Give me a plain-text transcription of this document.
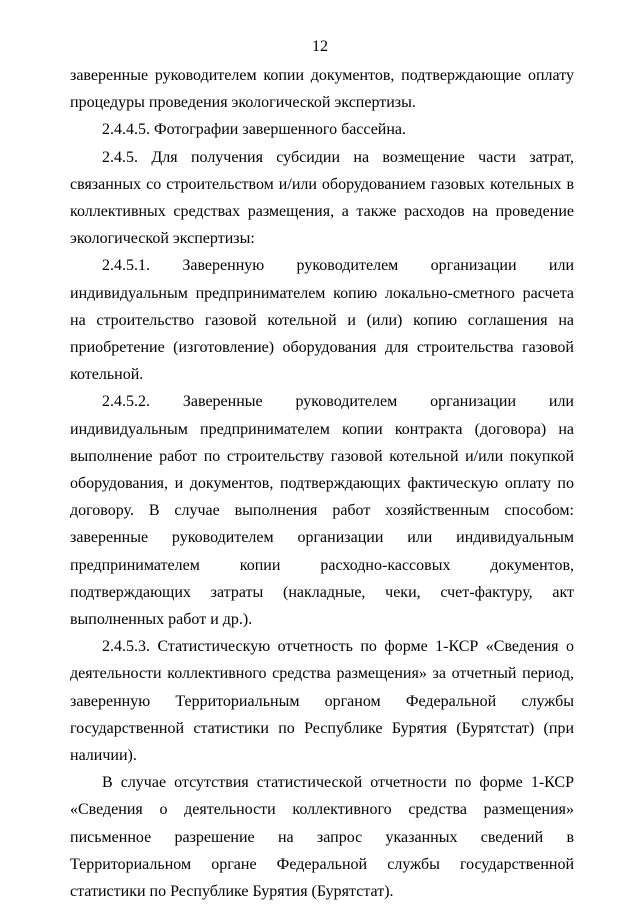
12

заверенные руководителем копии документов, подтверждающие оплату процедуры проведения экологической экспертизы.

2.4.4.5. Фотографии завершенного бассейна.

2.4.5. Для получения субсидии на возмещение части затрат, связанных со строительством и/или оборудованием газовых котельных в коллективных средствах размещения, а также расходов на проведение экологической экспертизы:

2.4.5.1. Заверенную руководителем организации или индивидуальным предпринимателем копию локально-сметного расчета на строительство газовой котельной и (или) копию соглашения на приобретение (изготовление) оборудования для строительства газовой котельной.

2.4.5.2. Заверенные руководителем организации или индивидуальным предпринимателем копии контракта (договора) на выполнение работ по строительству газовой котельной и/или покупкой оборудования, и документов, подтверждающих фактическую оплату по договору. В случае выполнения работ хозяйственным способом: заверенные руководителем организации или индивидуальным предпринимателем копии расходно-кассовых документов, подтверждающих затраты (накладные, чеки, счет-фактуру, акт выполненных работ и др.).

2.4.5.3. Статистическую отчетность по форме 1-КСР «Сведения о деятельности коллективного средства размещения» за отчетный период, заверенную Территориальным органом Федеральной службы государственной статистики по Республике Бурятия (Бурятстат) (при наличии).

В случае отсутствия статистической отчетности по форме 1-КСР «Сведения о деятельности коллективного средства размещения» письменное разрешение на запрос указанных сведений в Территориальном органе Федеральной службы государственной статистики по Республике Бурятия (Бурятстат).
